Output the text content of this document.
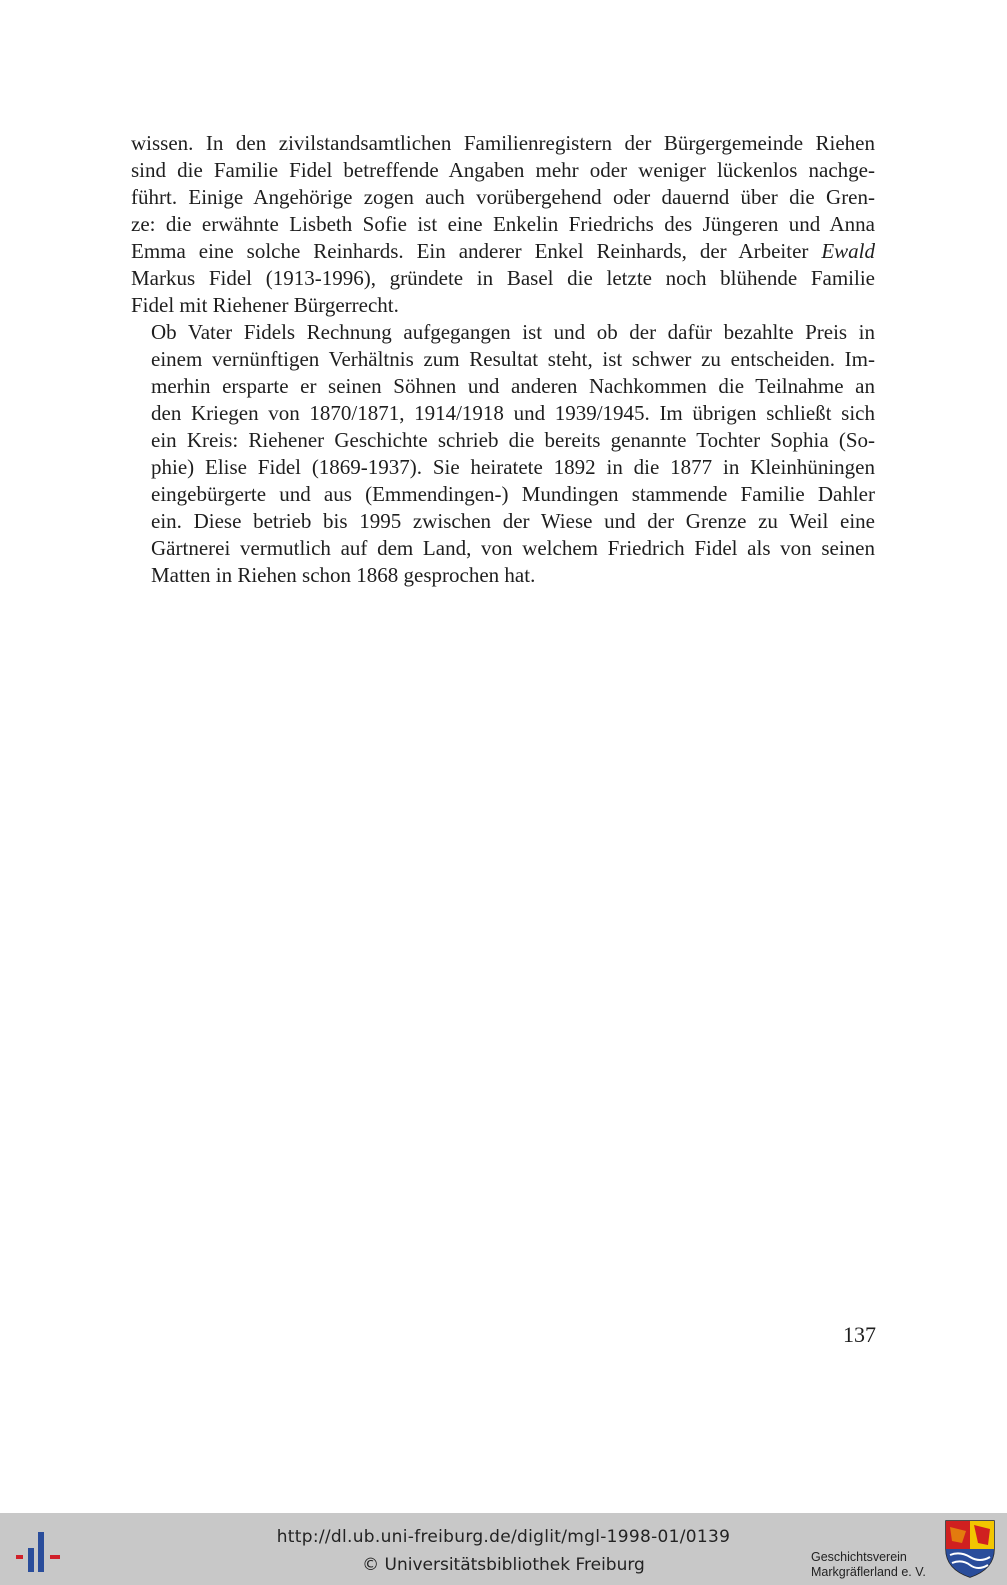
wissen. In den zivilstandsamtlichen Familienregistern der Bürgergemeinde Riehen
sind die Familie Fidel betreffende Angaben mehr oder weniger lückenlos nachge-
führt. Einige Angehörige zogen auch vorübergehend oder dauernd über die Gren-
ze: die erwähnte Lisbeth Sofie ist eine Enkelin Friedrichs des Jüngeren und Anna
Emma eine solche Reinhards. Ein anderer Enkel Reinhards, der Arbeiter Ewald
Markus Fidel (1913-1996), gründete in Basel die letzte noch blühende Familie
Fidel mit Riehener Bürgerrecht.

Ob Vater Fidels Rechnung aufgegangen ist und ob der dafür bezahlte Preis in
einem vernünftigen Verhältnis zum Resultat steht, ist schwer zu entscheiden. Im-
merhin ersparte er seinen Söhnen und anderen Nachkommen die Teilnahme an
den Kriegen von 1870/1871, 1914/1918 und 1939/1945. Im übrigen schließt sich
ein Kreis: Riehener Geschichte schrieb die bereits genannte Tochter Sophia (So-
phie) Elise Fidel (1869-1937). Sie heiratete 1892 in die 1877 in Kleinhüningen
eingebürgerte und aus (Emmendingen-) Mundingen stammende Familie Dahler
ein. Diese betrieb bis 1995 zwischen der Wiese und der Grenze zu Weil eine
Gärtnerei vermutlich auf dem Land, von welchem Friedrich Fidel als von seinen
Matten in Riehen schon 1868 gesprochen hat.

137
http://dl.ub.uni-freiburg.de/diglit/mgl-1998-01/0139
© Universitätsbibliothek Freiburg	Geschichtsverein
Markgräflerland e. V.
